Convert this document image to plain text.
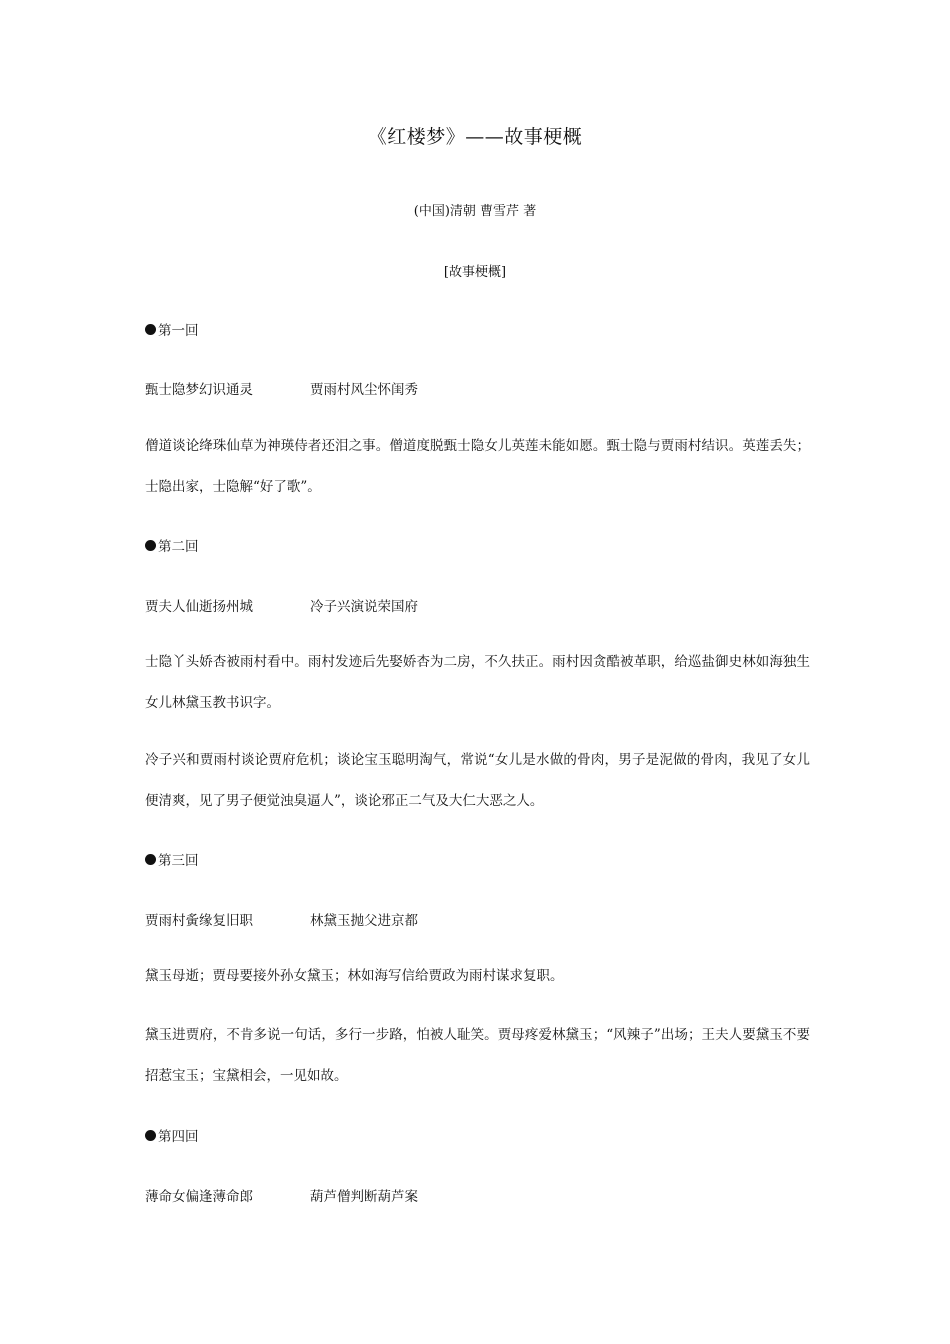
《红楼梦》——故事梗概
(中国)清朝 曹雪芹 著
[故事梗概]
第一回
甄士隐梦幻识通灵	贾雨村风尘怀闺秀

僧道谈论绛珠仙草为神瑛侍者还泪之事。僧道度脱甄士隐女儿英莲未能如愿。甄士隐与贾雨村结识。英莲丢失；士隐出家，士隐解“好了歌”。

第二回
贾夫人仙逝扬州城	冷子兴演说荣国府

士隐丫头娇杏被雨村看中。雨村发迹后先娶娇杏为二房，不久扶正。雨村因贪酷被革职，给巡盐御史林如海独生女儿林黛玉教书识字。

冷子兴和贾雨村谈论贾府危机；谈论宝玉聪明淘气，常说“女儿是水做的骨肉，男子是泥做的骨肉，我见了女儿便清爽，见了男子便觉浊臭逼人”，谈论邪正二气及大仁大恶之人。

第三回
贾雨村夤缘复旧职	林黛玉抛父进京都

黛玉母逝；贾母要接外孙女黛玉；林如海写信给贾政为雨村谋求复职。

黛玉进贾府，不肯多说一句话，多行一步路，怕被人耻笑。贾母疼爱林黛玉；“风辣子”出场；王夫人要黛玉不要招惹宝玉；宝黛相会，一见如故。

第四回
薄命女偏逢薄命郎	葫芦僧判断葫芦案
